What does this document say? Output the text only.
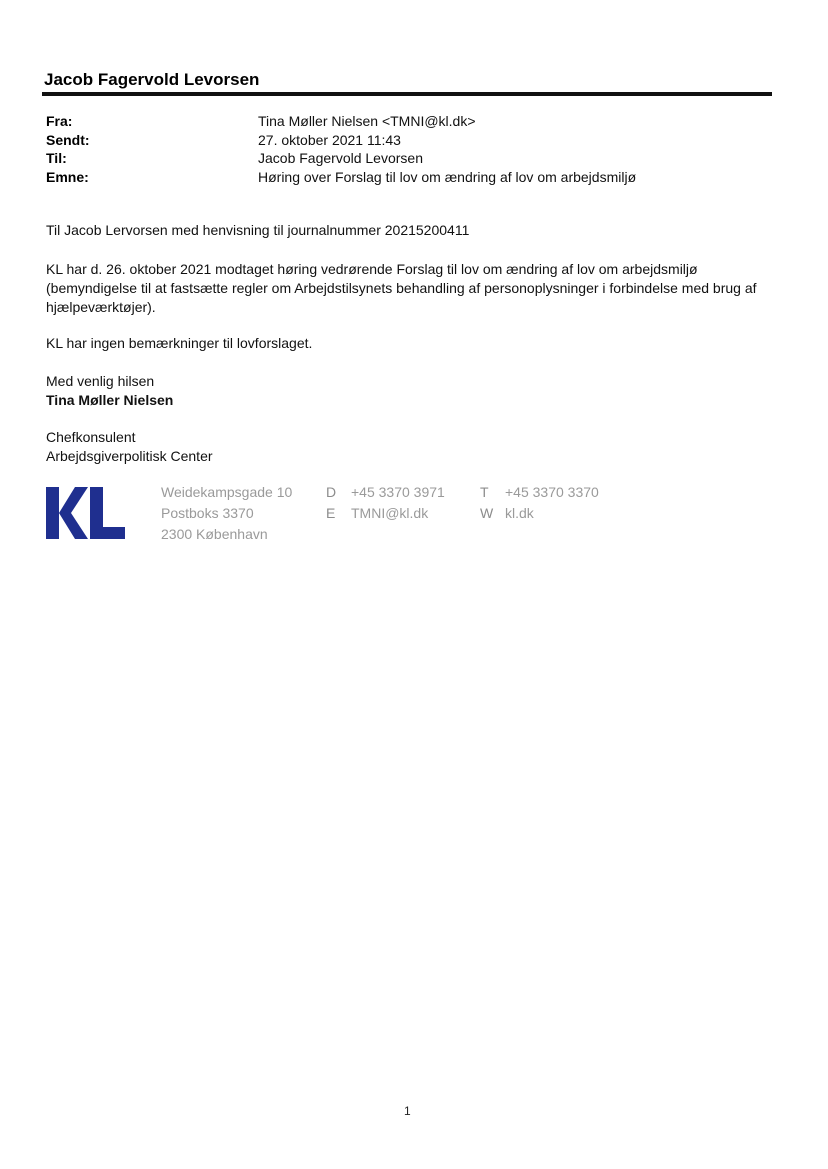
Jacob Fagervold Levorsen
Fra:	Tina Møller Nielsen <TMNI@kl.dk>
Sendt:	27. oktober 2021 11:43
Til:	Jacob Fagervold Levorsen
Emne:	Høring over Forslag til lov om ændring af lov om arbejdsmiljø

Til Jacob Lervorsen med henvisning til journalnummer 20215200411

KL har d. 26. oktober 2021 modtaget høring vedrørende Forslag til lov om ændring af lov om arbejdsmiljø (bemyndigelse til at fastsætte regler om Arbejdstilsynets behandling af personoplysninger i forbindelse med brug af hjælpeværktøjer).

KL har ingen bemærkninger til lovforslaget.

Med venlig hilsen

Tina Møller Nielsen

Chefkonsulent

Arbejdsgiverpolitisk Center

Weidekampsgade 10
Postboks 3370
2300 København
D +45 3370 3971
E TMNI@kl.dk
T +45 3370 3370
W kl.dk
1
